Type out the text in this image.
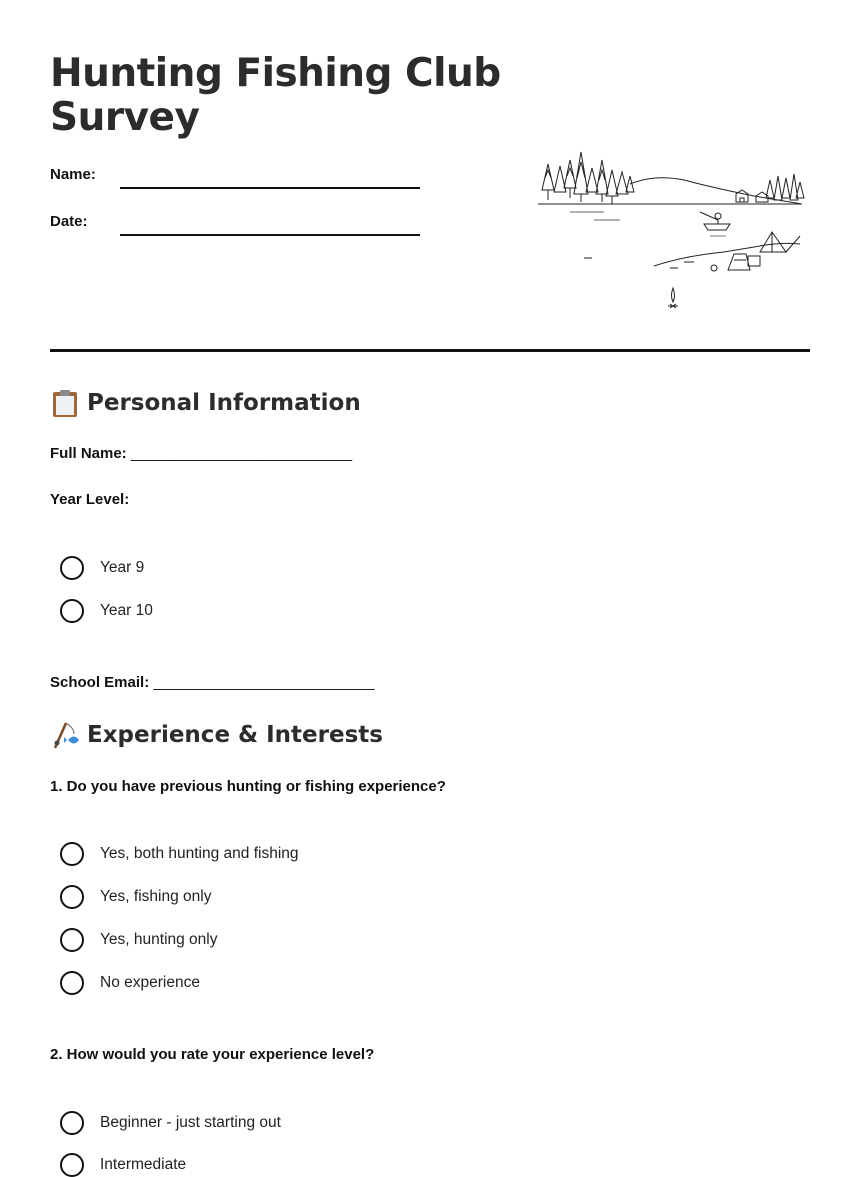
Hunting Fishing Club
Survey
Name:
Date:
Personal Information
Full Name: ______________________________
Year Level:
Year 9
Year 10
School Email: ______________________________
Experience & Interests
1. Do you have previous hunting or fishing experience?
Yes, both hunting and fishing
Yes, fishing only
Yes, hunting only
No experience
2. How would you rate your experience level?
Beginner - just starting out
Intermediate
